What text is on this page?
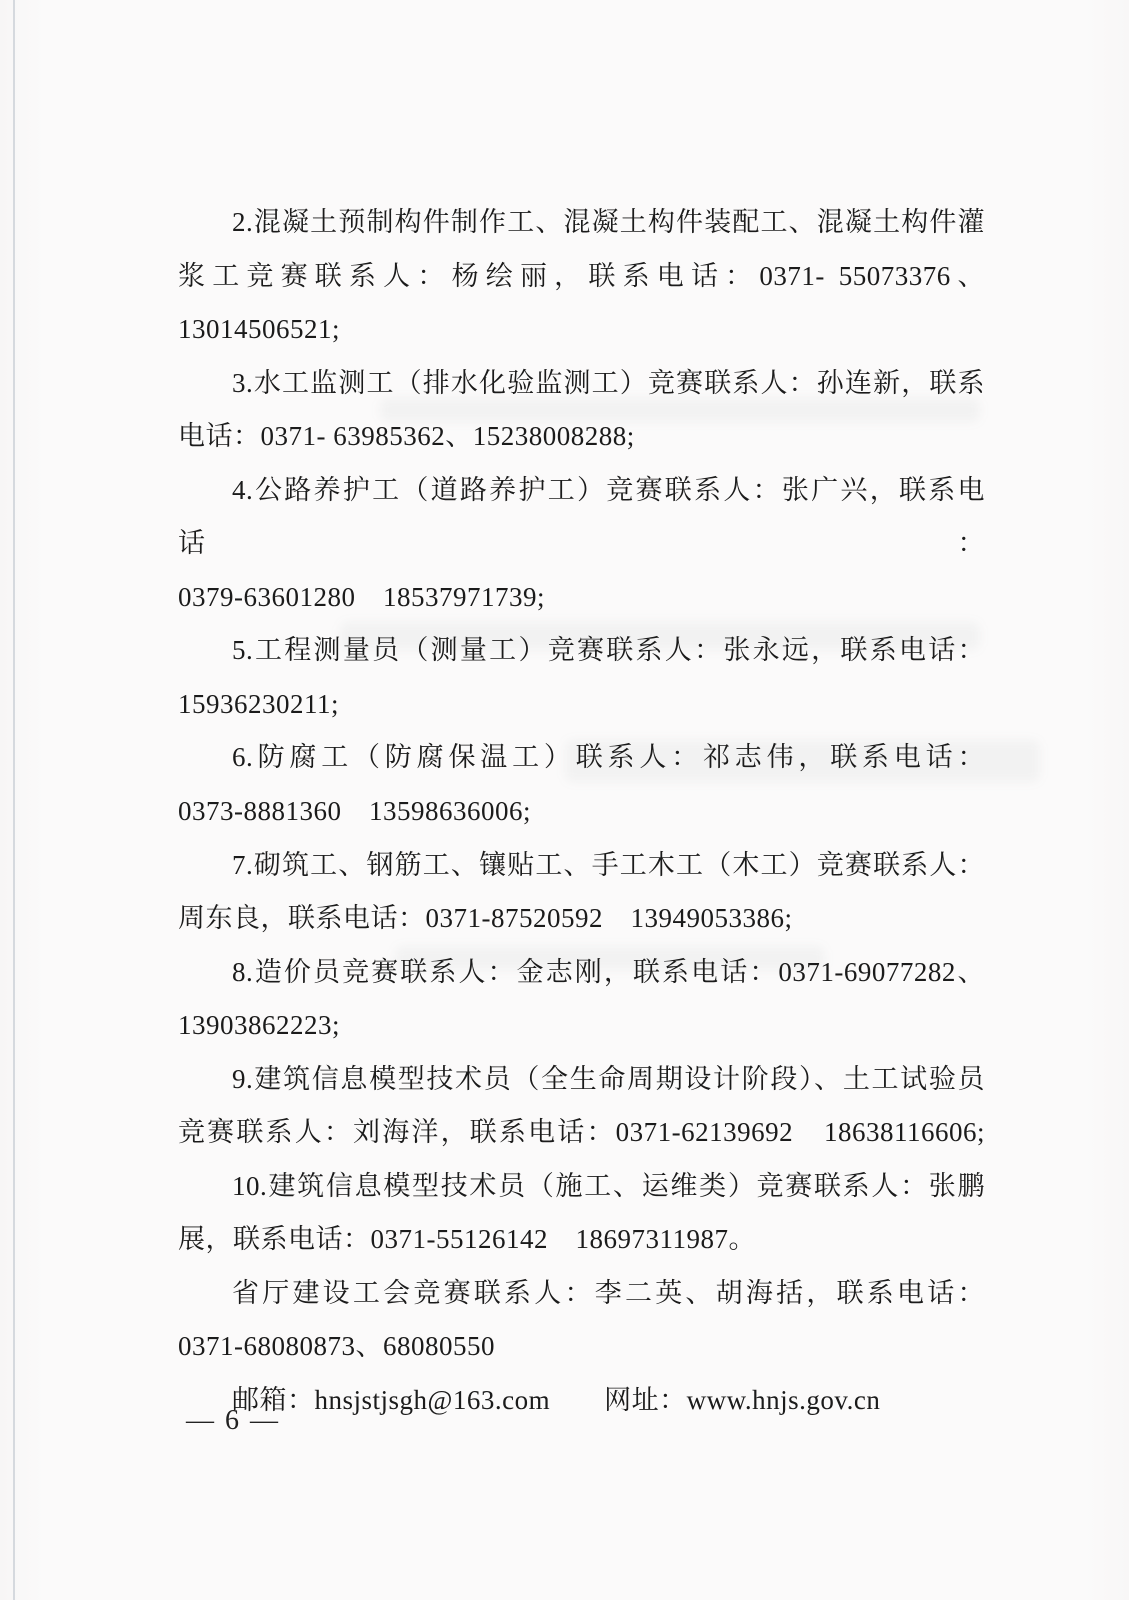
2.混凝土预制构件制作工、混凝土构件装配工、混凝土构件灌
浆工竞赛联系人：杨绘丽，联系电话：0371- 55073376、
13014506521;
3.水工监测工（排水化验监测工）竞赛联系人：孙连新，联系
电话：0371- 63985362、15238008288;
4.公路养护工（道路养护工）竞赛联系人：张广兴，联系电话：
0379-63601280　18537971739;
5.工程测量员（测量工）竞赛联系人：张永远，联系电话：
15936230211;
6.防腐工（防腐保温工）联系人：祁志伟，联系电话：
0373-8881360　13598636006;
7.砌筑工、钢筋工、镶贴工、手工木工（木工）竞赛联系人：
周东良，联系电话：0371-87520592　13949053386;
8.造价员竞赛联系人：金志刚，联系电话：0371-69077282、
13903862223;
9.建筑信息模型技术员（全生命周期设计阶段）、土工试验员
竞赛联系人：刘海洋，联系电话：0371-62139692　18638116606;
10.建筑信息模型技术员（施工、运维类）竞赛联系人：张鹏
展，联系电话：0371-55126142　18697311987。
省厅建设工会竞赛联系人：李二英、胡海括，联系电话：
0371-68080873、68080550
邮箱：hnsjstjsgh@163.com 网址：www.hnjs.gov.cn
— 6 —
